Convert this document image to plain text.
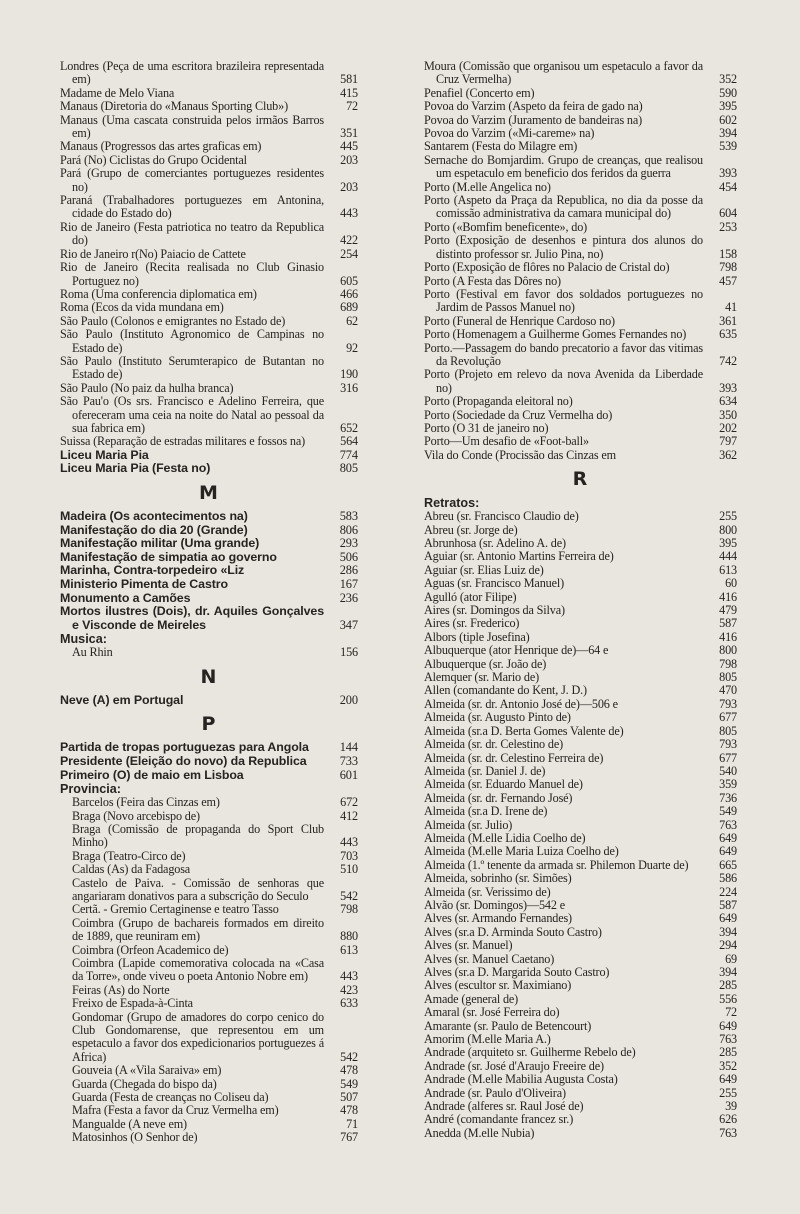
Londres (Peça de uma escritora brazileira representada em)	581
Madame de Melo Viana	415
Manaus (Diretoria do «Manaus Sporting Club»)	72
Manaus (Uma cascata construida pelos irmãos Barros em)	351
Manaus (Progressos das artes graficas em)	445
Pará (No) Ciclistas do Grupo Ocidental	203
Pará (Grupo de comerciantes portuguezes residentes no)	203
Paraná (Trabalhadores portuguezes em Antonina, cidade do Estado do)	443
Rio de Janeiro (Festa patriotica no teatro da Republica do)	422
Rio de Janeiro r(No) Paiacio de Cattete	254
Rio de Janeiro (Recita realisada no Club Ginasio Portuguez no)	605
Roma (Uma conferencia diplomatica em)	466
Roma (Ecos da vida mundana em)	689
São Paulo (Colonos e emigrantes no Estado de)	62
São Paulo (Instituto Agronomico de Campinas no Estado de)	92
São Paulo (Instituto Serumterapico de Butantan no Estado de)	190
São Paulo (No paiz da hulha branca)	316
São Pau'o (Os srs. Francisco e Adelino Ferreira, que ofereceram uma ceia na noite do Natal ao pessoal da sua fabrica em)	652
Suissa (Reparação de estradas militares e fossos na)	564
Liceu Maria Pia	774
Liceu Maria Pia (Festa no)	805
M
Madeira (Os acontecimentos na)	583
Manifestação do dia 20 (Grande)	806
Manifestação militar (Uma grande)	293
Manifestação de simpatia ao governo	506
Marinha, Contra-torpedeiro «Liz	286
Ministerio Pimenta de Castro	167
Monumento a Camões	236
Mortos ilustres (Dois), dr. Aquiles Gonçalves e Visconde de Meireles	347
Musica:
Au Rhin	156
N
Neve (A) em Portugal	200
P
Partida de tropas portuguezas para Angola	144
Presidente (Eleição do novo) da Republica	733
Primeiro (O) de maio em Lisboa	601
Provincia:
Barcelos (Feira das Cinzas em)	672
Braga (Novo arcebispo de)	412
Braga (Comissão de propaganda do Sport Club Minho)	443
Braga (Teatro-Circo de)	703
Caldas (As) da Fadagosa	510
Castelo de Paiva. - Comissão de senhoras que angariaram donativos para a subscrição do Seculo	542
Certã. - Gremio Certaginense e teatro Tasso	798
Coimbra (Grupo de bachareis formados em direito de 1889, que reuniram em)	880
Coimbra (Orfeon Academico de)	613
Coimbra (Lapide comemorativa colocada na «Casa da Torre», onde viveu o poeta Antonio Nobre em)	443
Feiras (As) do Norte	423
Freixo de Espada-à-Cinta	633
Gondomar (Grupo de amadores do corpo cenico do Club Gondomarense, que representou em um espetaculo a favor dos expedicionarios portuguezes á Africa)	542
Gouveia (A «Vila Saraiva» em)	478
Guarda (Chegada do bispo da)	549
Guarda (Festa de creanças no Coliseu da)	507
Mafra (Festa a favor da Cruz Vermelha em)	478
Mangualde (A neve em)	71
Matosinhos (O Senhor de)	767
Moura (Comissão que organisou um espetaculo a favor da Cruz Vermelha)	352
Penafiel (Concerto em)	590
Povoa do Varzim (Aspeto da feira de gado na)	395
Povoa do Varzim (Juramento de bandeiras na)	602
Povoa do Varzim («Mi-careme» na)	394
Santarem (Festa do Milagre em)	539
Sernache do Bomjardim. Grupo de creanças, que realisou um espetaculo em beneficio dos feridos da guerra	393
Porto (M.elle Angelica no)	454
Porto (Aspeto da Praça da Republica, no dia da posse da comissão administrativa da camara municipal do)	604
Porto («Bomfim beneficente», do)	253
Porto (Exposição de desenhos e pintura dos alunos do distinto professor sr. Julio Pina, no)	158
Porto (Exposição de flôres no Palacio de Cristal do)	798
Porto (A Festa das Dôres no)	457
Porto (Festival em favor dos soldados portuguezes no Jardim de Passos Manuel no)	41
Porto (Funeral de Henrique Cardoso no)	361
Porto (Homenagem a Guilherme Gomes Fernandes no)	635
Porto.—Passagem do bando precatorio a favor das vitimas da Revolução	742
Porto (Projeto em relevo da nova Avenida da Liberdade no)	393
Porto (Propaganda eleitoral no)	634
Porto (Sociedade da Cruz Vermelha do)	350
Porto (O 31 de janeiro no)	202
Porto—Um desafio de «Foot-ball»	797
Vila do Conde (Procissão das Cinzas em	362
R
Retratos:
Abreu (sr. Francisco Claudio de)	255
Abreu (sr. Jorge de)	800
Abrunhosa (sr. Adelino A. de)	395
Aguiar (sr. Antonio Martins Ferreira de)	444
Aguiar (sr. Elias Luiz de)	613
Aguas (sr. Francisco Manuel)	60
Agulló (ator Filipe)	416
Aires (sr. Domingos da Silva)	479
Aires (sr. Frederico)	587
Albors (tiple Josefina)	416
Albuquerque (ator Henrique de)—64 e	800
Albuquerque (sr. João de)	798
Alemquer (sr. Mario de)	805
Allen (comandante do Kent, J. D.)	470
Almeida (sr. dr. Antonio José de)—506 e	793
Almeida (sr. Augusto Pinto de)	677
Almeida (sr.a D. Berta Gomes Valente de)	805
Almeida (sr. dr. Celestino de)	793
Almeida (sr. dr. Celestino Ferreira de)	677
Almeida (sr. Daniel J. de)	540
Almeida (sr. Eduardo Manuel de)	359
Almeida (sr. dr. Fernando José)	736
Almeida (sr.a D. Irene de)	549
Almeida (sr. Julio)	763
Almeida (M.elle Lidia Coelho de)	649
Almeida (M.elle Maria Luiza Coelho de)	649
Almeida (1.º tenente da armada sr. Philemon Duarte de)	665
Almeida, sobrinho (sr. Simões)	586
Almeida (sr. Verissimo de)	224
Alvão (sr. Domingos)—542 e	587
Alves (sr. Armando Fernandes)	649
Alves (sr.a D. Arminda Souto Castro)	394
Alves (sr. Manuel)	294
Alves (sr. Manuel Caetano)	69
Alves (sr.a D. Margarida Souto Castro)	394
Alves (escultor sr. Maximiano)	285
Amade (general de)	556
Amaral (sr. José Ferreira do)	72
Amarante (sr. Paulo de Betencourt)	649
Amorim (M.elle Maria A.)	763
Andrade (arquiteto sr. Guilherme Rebelo de)	285
Andrade (sr. José d'Araujo Freeire de)	352
Andrade (M.elle Mabilia Augusta Costa)	649
Andrade (sr. Paulo d'Oliveira)	255
Andrade (alferes sr. Raul José de)	39
André (comandante francez sr.)	626
Anedda (M.elle Nubia)	763
